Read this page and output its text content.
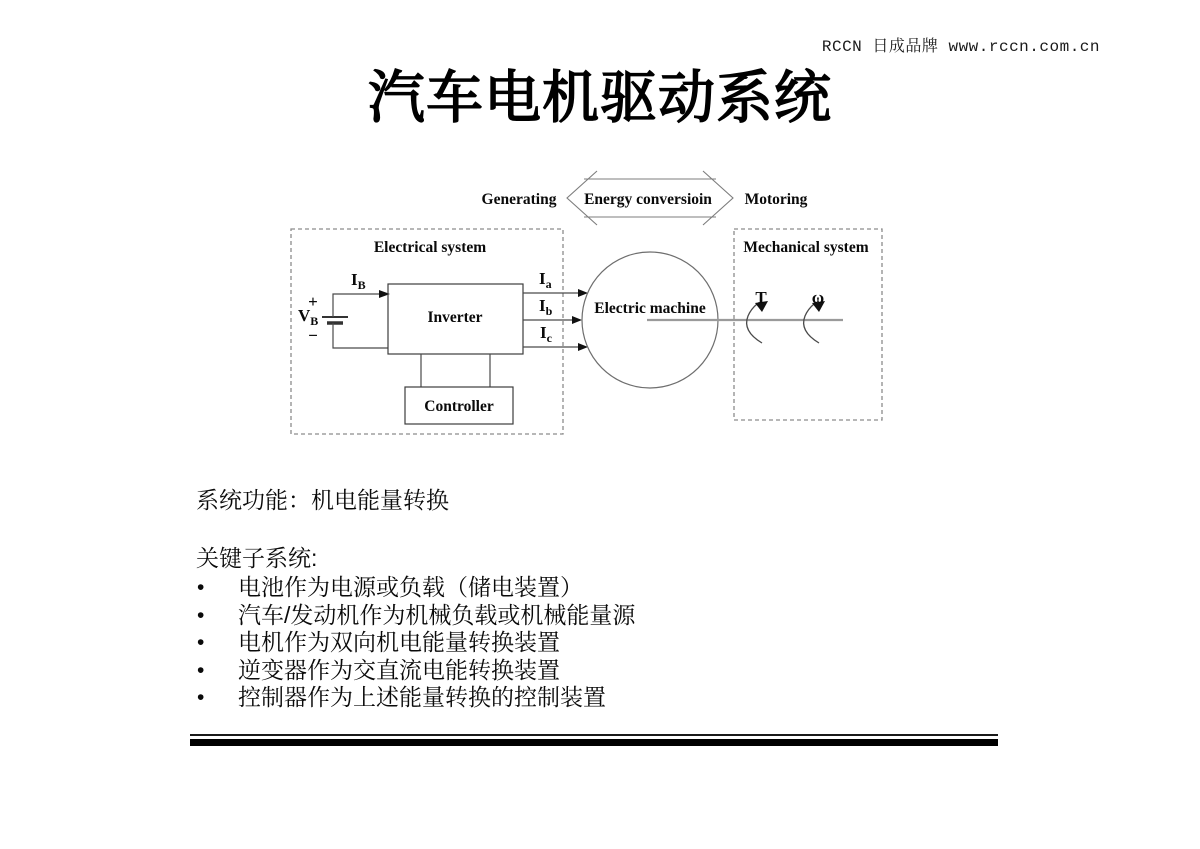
RCCN 日成品牌 www.rccn.com.cn
汽车电机驱动系统
Generating Energy conversioin Motoring
Electrical system
$V_B$
+
−
$I_B$
Inverter
Controller
$I_a$
$I_b$
$I_c$
Electric machine
Mechanical system
T	ω
系统功能：机电能量转换
关键子系统:
•	电池作为电源或负载（储电装置）
•	汽车/发动机作为机械负载或机械能量源
•	电机作为双向机电能量转换装置
•	逆变器作为交直流电能转换装置
•	控制器作为上述能量转换的控制装置
